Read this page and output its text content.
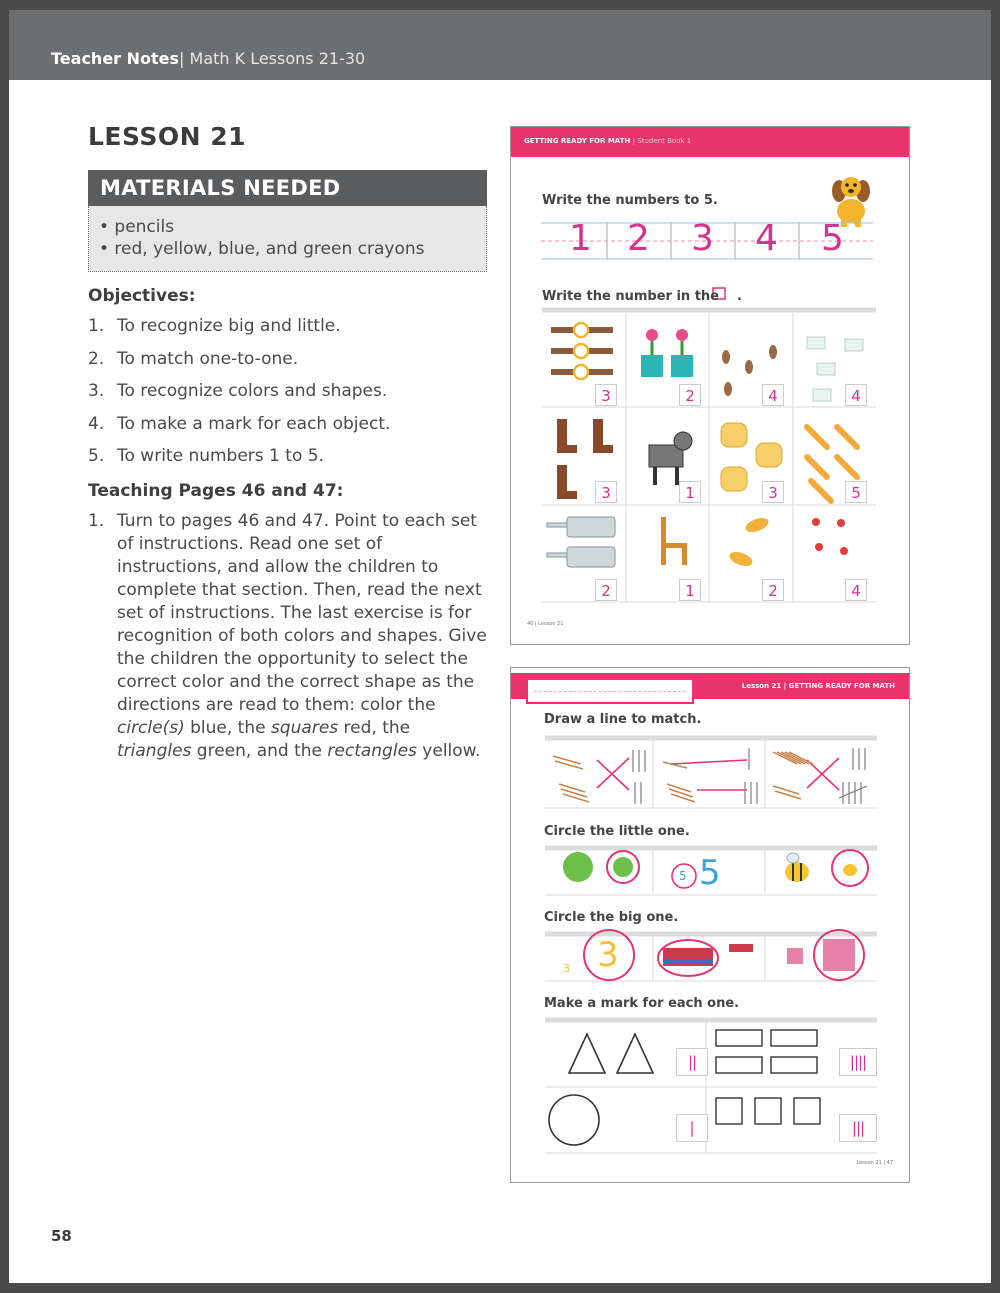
Teacher Notes| Math K Lessons 21-30
LESSON 21
MATERIALS NEEDED
• pencils
• red, yellow, blue, and green crayons
Objectives:
1. To recognize big and little.
2. To match one-to-one.
3. To recognize colors and shapes.
4. To make a mark for each object.
5. To write numbers 1 to 5.
Teaching Pages 46 and 47:
1. Turn to pages 46 and 47. Point to each set of instructions. Read one set of instructions, and allow the children to complete that section. Then, read the next set of instructions. The last exercise is for recognition of both colors and shapes. Give the children the opportunity to select the correct color and the correct shape as the directions are read to them: color the circle(s) blue, the squares red, the triangles green, and the rectangles yellow.
58
GETTING READY FOR MATH | Student Book 1
Write the numbers to 5.
1 2 3 4 5
Write the number in the .
3	2	4	4
3	1	3	5
2	1	2	4
46 | Lesson 21
Lesson 21 | GETTING READY FOR MATH
Draw a line to match.
Circle the little one.
5 5
Circle the big one.
3 3
Make a mark for each one.
||
|
||||
|||
Lesson 21 | 47
